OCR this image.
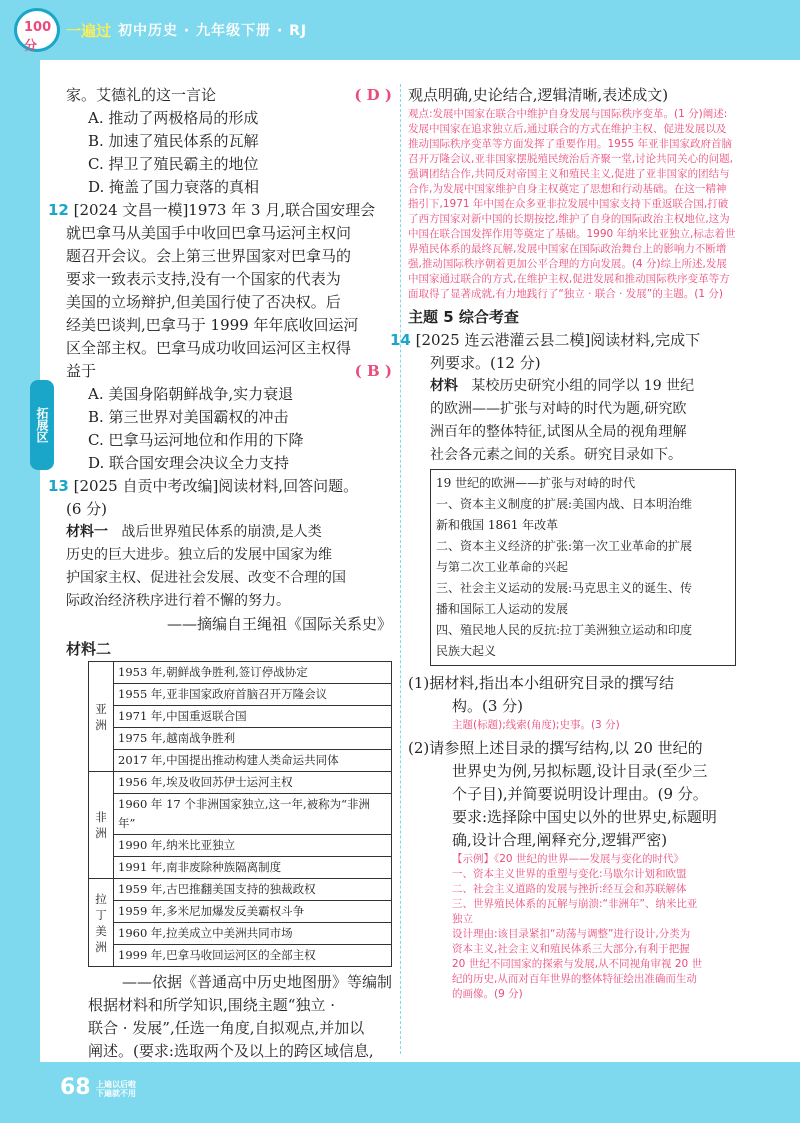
100分
一遍过 初中历史 · 九年级下册 · RJ
拓展区
家。艾德礼的这一言论	( D )
A. 推动了两极格局的形成
B. 加速了殖民体系的瓦解
C. 捍卫了殖民霸主的地位
D. 掩盖了国力衰落的真相
12 [2024 文昌一模]1973 年 3 月,联合国安理会
就巴拿马从美国手中收回巴拿马运河主权问
题召开会议。会上第三世界国家对巴拿马的
要求一致表示支持,没有一个国家的代表为
美国的立场辩护,但美国行使了否决权。后
经美巴谈判,巴拿马于 1999 年年底收回运河
区全部主权。巴拿马成功收回运河区主权得
益于	( B )
A. 美国身陷朝鲜战争,实力衰退
B. 第三世界对美国霸权的冲击
C. 巴拿马运河地位和作用的下降
D. 联合国安理会决议全力支持
13 [2025 自贡中考改编]阅读材料,回答问题。
(6 分)
材料一 战后世界殖民体系的崩溃,是人类
历史的巨大进步。独立后的发展中国家为维
护国家主权、促进社会发展、改变不合理的国
际政治经济秩序进行着不懈的努力。
——摘编自王绳祖《国际关系史》
材料二
亚洲	1953 年,朝鲜战争胜利,签订停战协定
	1955 年,亚非国家政府首脑召开万隆会议
	1971 年,中国重返联合国
	1975 年,越南战争胜利
	2017 年,中国提出推动构建人类命运共同体
非洲	1956 年,埃及收回苏伊士运河主权
	1960 年 17 个非洲国家独立,这一年,被称为“非洲年”
	1990 年,纳米比亚独立
	1991 年,南非废除种族隔离制度
拉丁美洲	1959 年,古巴推翻美国支持的独裁政权
	1959 年,多米尼加爆发反美霸权斗争
	1960 年,拉美成立中美洲共同市场
	1999 年,巴拿马收回运河区的全部主权
——依据《普通高中历史地图册》等编制
根据材料和所学知识,围绕主题“独立 ·
联合 · 发展”,任选一角度,自拟观点,并加以
阐述。(要求:选取两个及以上的跨区域信息,
观点明确,史论结合,逻辑清晰,表述成文)
观点:发展中国家在联合中维护自身发展与国际秩序变革。(1 分)阐述:发展中国家在追求独立后,通过联合的方式在维护主权、促进发展以及推动国际秩序变革等方面发挥了重要作用。1955 年亚非国家政府首脑召开万隆会议,亚非国家摆脱殖民统治后齐聚一堂,讨论共同关心的问题,强调团结合作,共同反对帝国主义和殖民主义,促进了亚非国家的团结与合作,为发展中国家维护自身主权奠定了思想和行动基础。在这一精神指引下,1971 年中国在众多亚非拉发展中国家支持下重返联合国,打破了西方国家对新中国的长期按挖,维护了自身的国际政治主权地位,这为中国在联合国发挥作用等奠定了基础。1990 年纳米比亚独立,标志着世界殖民体系的最终瓦解,发展中国家在国际政治舞台上的影响力不断增强,推动国际秩序朝着更加公平合理的方向发展。(4 分)综上所述,发展中国家通过联合的方式,在维护主权,促进发展和推动国际秩序变革等方面取得了显著成就,有力地践行了“独立 · 联合 · 发展”的主题。(1 分)
主题 5 综合考查
14 [2025 连云港灌云县二模]阅读材料,完成下
列要求。(12 分)
材料 某校历史研究小组的同学以 19 世纪
的欧洲——扩张与对峙的时代为题,研究欧
洲百年的整体特征,试图从全局的视角理解
社会各元素之间的关系。研究目录如下。
19 世纪的欧洲——扩张与对峙的时代
一、资本主义制度的扩展:美国内战、日本明治维
新和俄国 1861 年改革
二、资本主义经济的扩张:第一次工业革命的扩展
与第二次工业革命的兴起
三、社会主义运动的发展:马克思主义的诞生、传
播和国际工人运动的发展
四、殖民地人民的反抗:拉丁美洲独立运动和印度
民族大起义
(1)据材料,指出本小组研究目录的撰写结
构。(3 分)
主题(标题);线索(角度);史事。(3 分)
(2)请参照上述目录的撰写结构,以 20 世纪的
世界史为例,另拟标题,设计目录(至少三
个子目),并简要说明设计理由。(9 分。
要求:选择除中国史以外的世界史,标题明
确,设计合理,阐释充分,逻辑严密)
【示例】《20 世纪的世界——发展与变化的时代》
一、资本主义世界的重塑与变化:马歇尔计划和欧盟
二、社会主义道路的发展与挫折:经互会和苏联解体
三、世界殖民体系的瓦解与崩溃:“非洲年”、纳米比亚
独立
设计理由:该目录紧扣“动荡与调整”进行设计,分类为
资本主义,社会主义和殖民体系三大部分,有利于把握
20 世纪不同国家的探索与发展,从不同视角审视 20 世
纪的历史,从而对百年世界的整体特征绘出准确而生动
的画像。(9 分)
68 上遍以后啦 下遍就不用
